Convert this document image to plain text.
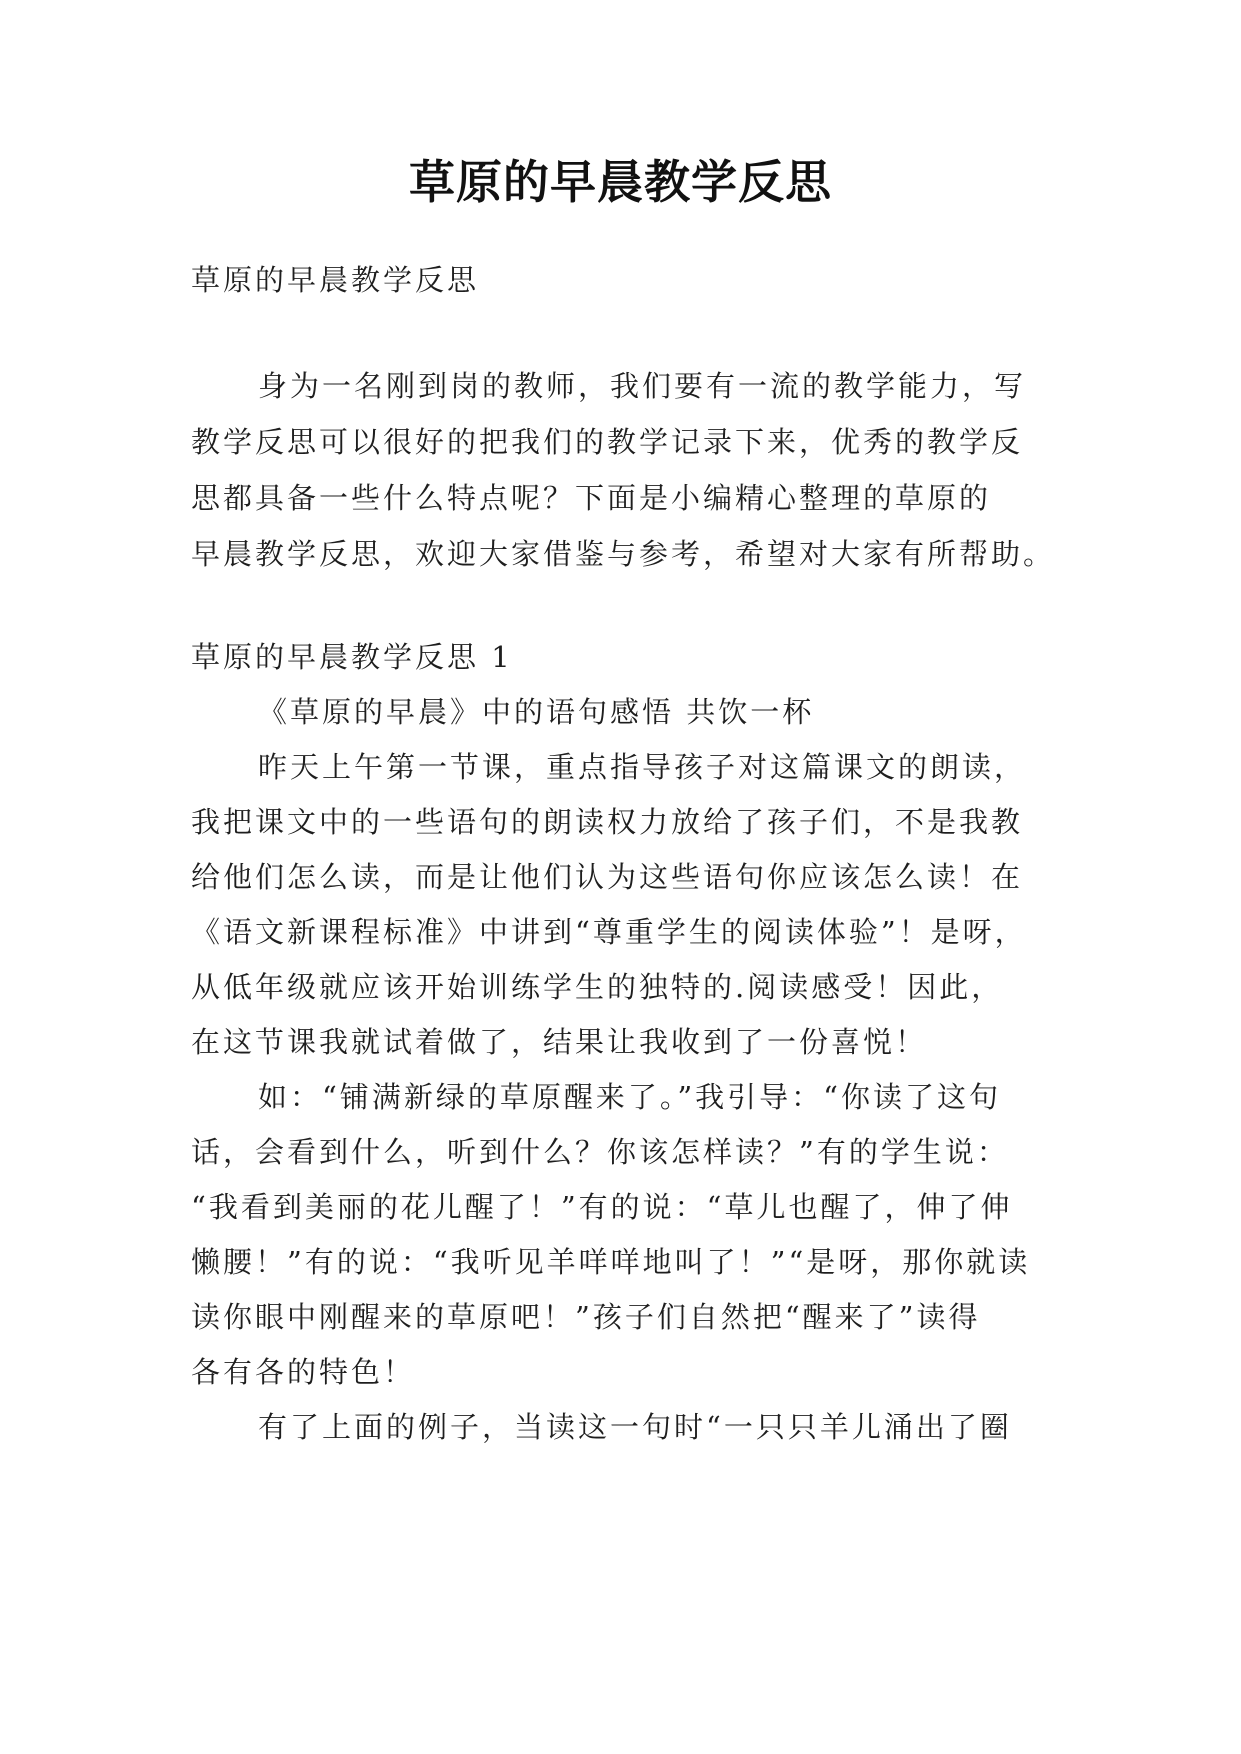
草原的早晨教学反思

草原的早晨教学反思

身为一名刚到岗的教师，我们要有一流的教学能力，写

教学反思可以很好的把我们的教学记录下来，优秀的教学反

思都具备一些什么特点呢？下面是小编精心整理的草原的

早晨教学反思，欢迎大家借鉴与参考，希望对大家有所帮助。

草原的早晨教学反思 1

《草原的早晨》中的语句感悟 共饮一杯

昨天上午第一节课，重点指导孩子对这篇课文的朗读，

我把课文中的一些语句的朗读权力放给了孩子们，不是我教

给他们怎么读，而是让他们认为这些语句你应该怎么读！在

《语文新课程标准》中讲到“尊重学生的阅读体验”！是呀，

从低年级就应该开始训练学生的独特的.阅读感受！因此，

在这节课我就试着做了，结果让我收到了一份喜悦！

如：“铺满新绿的草原醒来了。”我引导：“你读了这句

话，会看到什么，听到什么？你该怎样读？”有的学生说：

“我看到美丽的花儿醒了！”有的说：“草儿也醒了，伸了伸

懒腰！”有的说：“我听见羊咩咩地叫了！”“是呀，那你就读

读你眼中刚醒来的草原吧！”孩子们自然把“醒来了”读得

各有各的特色！

有了上面的例子，当读这一句时“一只只羊儿涌出了圈
